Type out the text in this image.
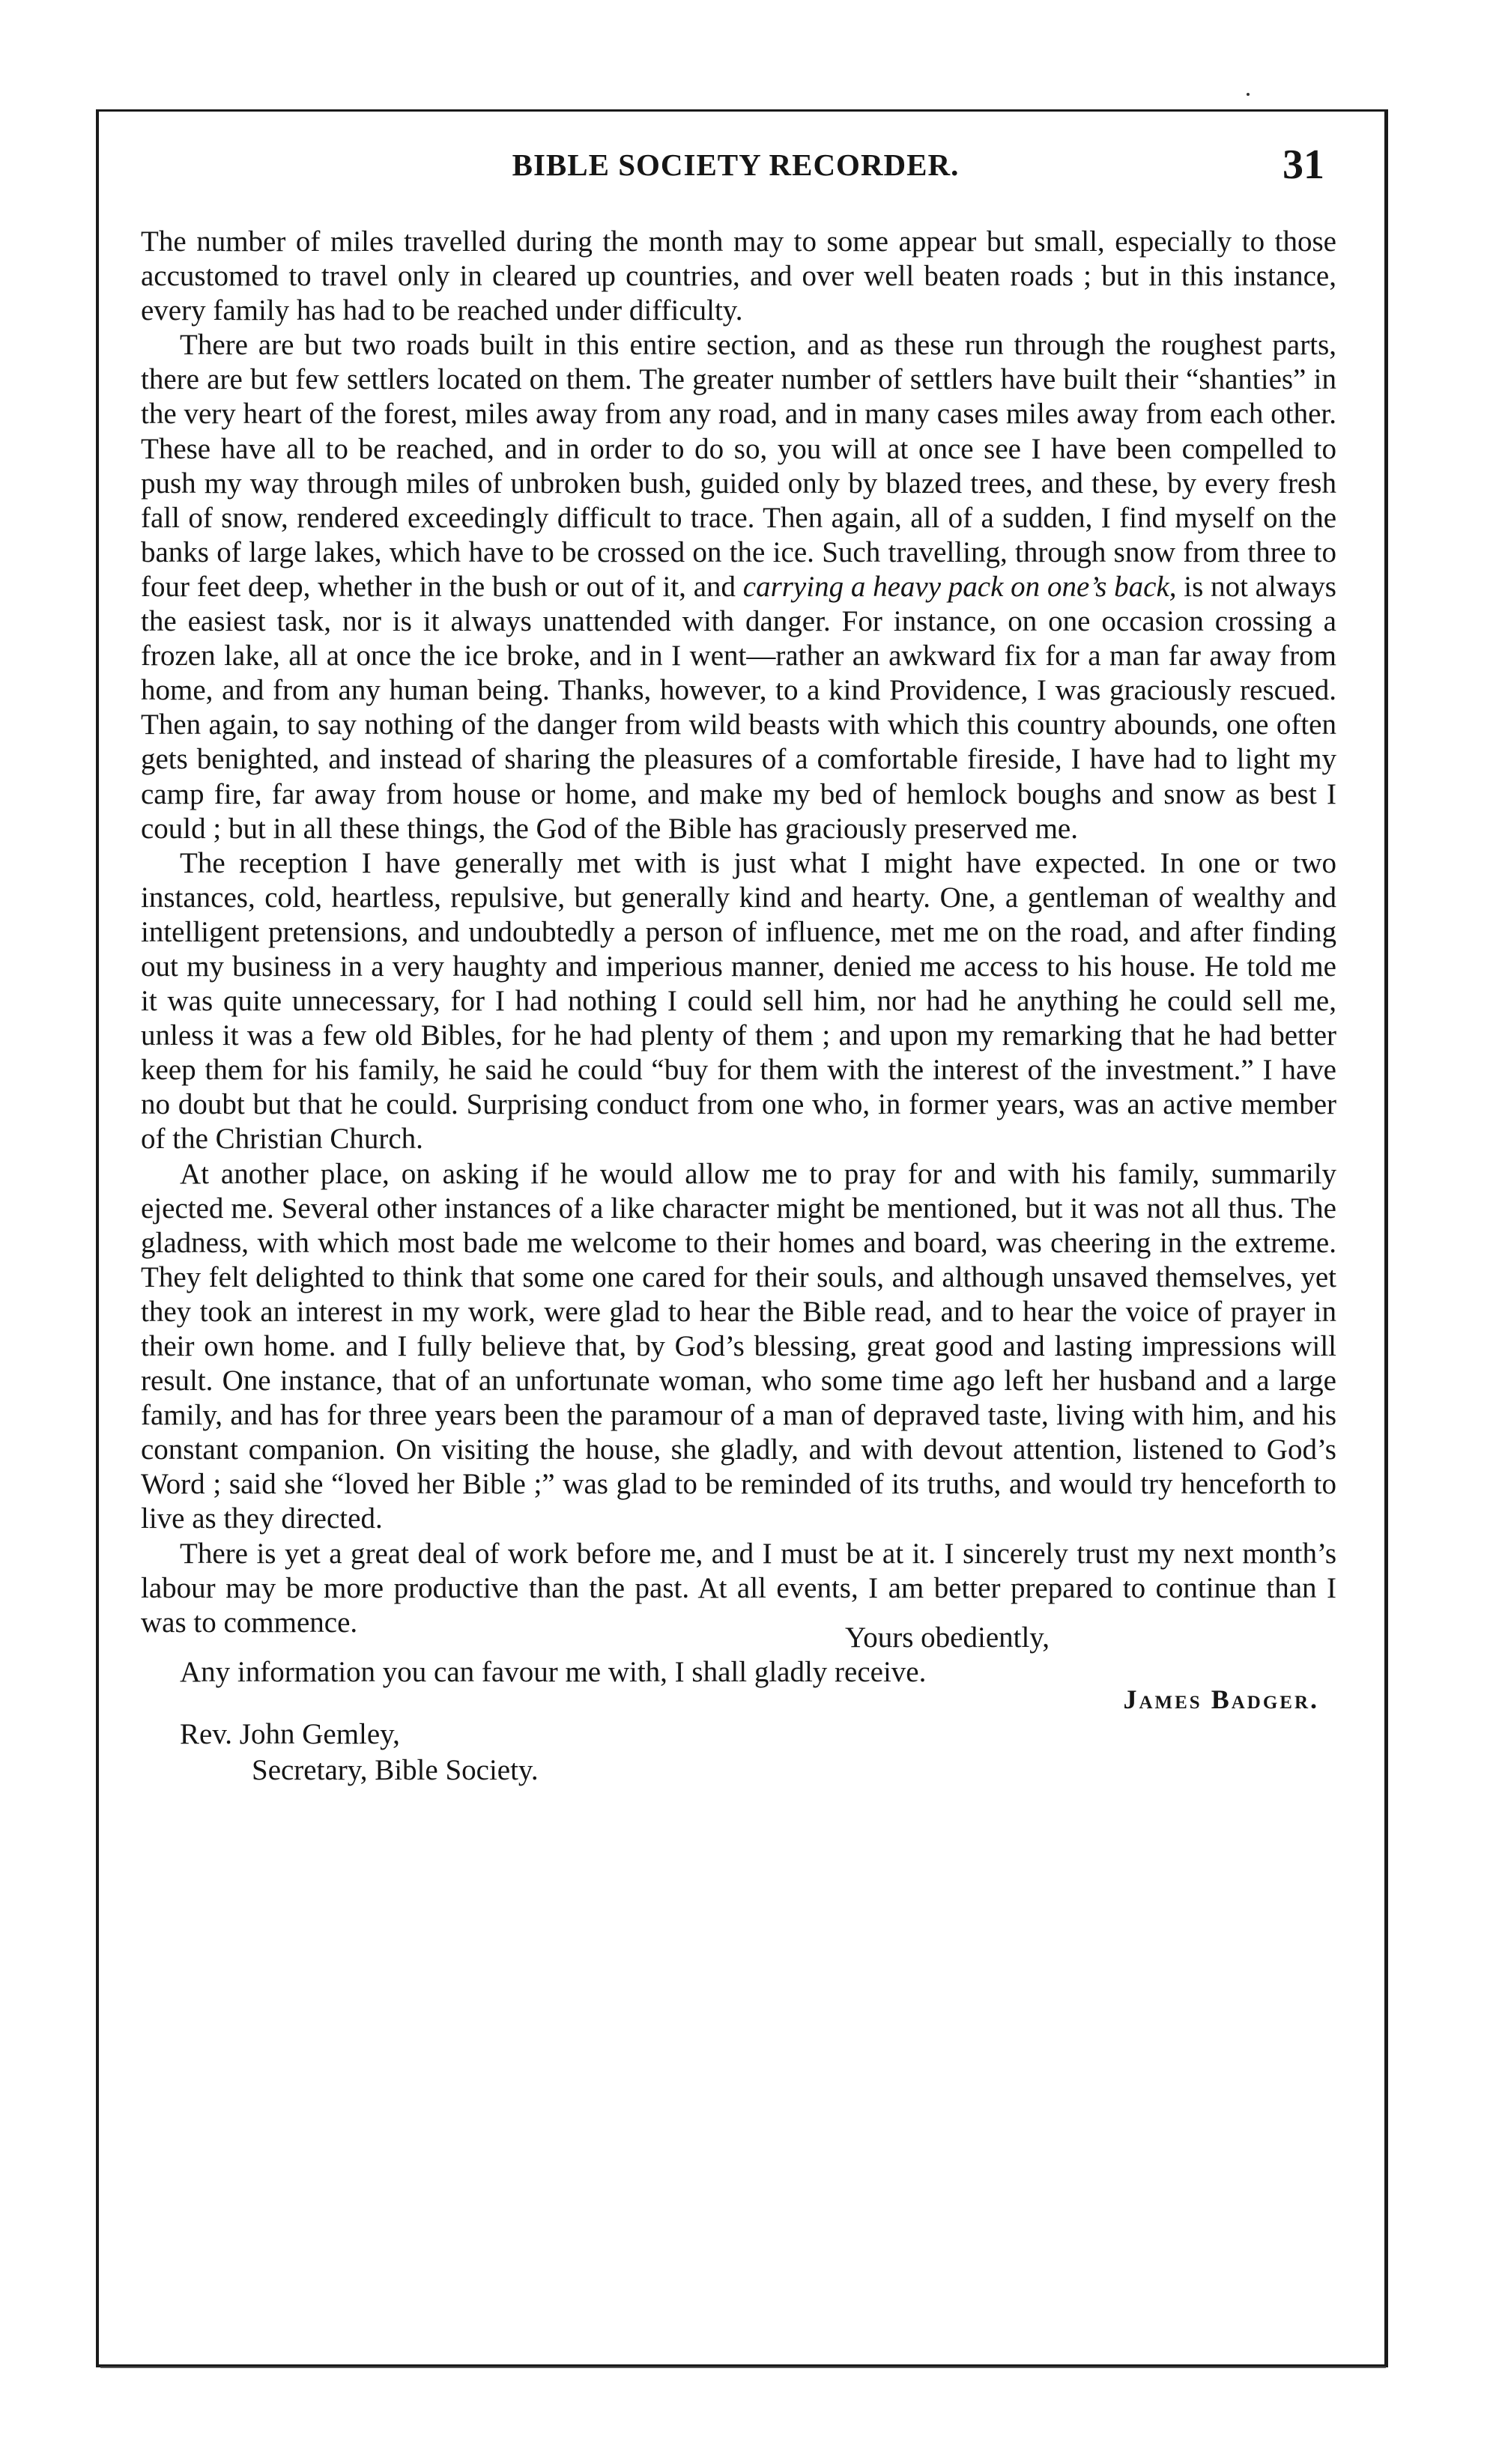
BIBLE SOCIETY RECORDER.	31

The number of miles travelled during the month may to some appear but small, especially to those accustomed to travel only in cleared up countries, and over well beaten roads ; but in this instance, every family has had to be reached under difficulty.

There are but two roads built in this entire section, and as these run through the roughest parts, there are but few settlers located on them. The greater number of settlers have built their “shanties” in the very heart of the forest, miles away from any road, and in many cases miles away from each other. These have all to be reached, and in order to do so, you will at once see I have been compelled to push my way through miles of unbroken bush, guided only by blazed trees, and these, by every fresh fall of snow, rendered exceedingly difficult to trace. Then again, all of a sudden, I find myself on the banks of large lakes, which have to be crossed on the ice. Such travelling, through snow from three to four feet deep, whether in the bush or out of it, and carrying a heavy pack on one’s back, is not always the easiest task, nor is it always unattended with danger. For instance, on one occasion crossing a frozen lake, all at once the ice broke, and in I went—rather an awkward fix for a man far away from home, and from any human being. Thanks, however, to a kind Providence, I was graciously rescued. Then again, to say nothing of the danger from wild beasts with which this country abounds, one often gets benighted, and instead of sharing the pleasures of a comfortable fireside, I have had to light my camp fire, far away from house or home, and make my bed of hemlock boughs and snow as best I could ; but in all these things, the God of the Bible has graciously preserved me.

The reception I have generally met with is just what I might have expected. In one or two instances, cold, heartless, repulsive, but generally kind and hearty. One, a gentleman of wealthy and intelligent pretensions, and undoubtedly a person of influence, met me on the road, and after finding out my business in a very haughty and imperious manner, denied me access to his house. He told me it was quite unnecessary, for I had nothing I could sell him, nor had he anything he could sell me, unless it was a few old Bibles, for he had plenty of them ; and upon my remarking that he had better keep them for his family, he said he could “buy for them with the interest of the investment.” I have no doubt but that he could. Surprising conduct from one who, in former years, was an active member of the Christian Church.

At another place, on asking if he would allow me to pray for and with his family, summarily ejected me. Several other instances of a like character might be mentioned, but it was not all thus. The gladness, with which most bade me welcome to their homes and board, was cheering in the extreme. They felt delighted to think that some one cared for their souls, and although unsaved themselves, yet they took an interest in my work, were glad to hear the Bible read, and to hear the voice of prayer in their own home. and I fully believe that, by God’s blessing, great good and lasting impressions will result. One instance, that of an unfortunate woman, who some time ago left her husband and a large family, and has for three years been the paramour of a man of depraved taste, living with him, and his constant companion. On visiting the house, she gladly, and with devout attention, listened to God’s Word ; said she “loved her Bible ;” was glad to be reminded of its truths, and would try henceforth to live as they directed.

There is yet a great deal of work before me, and I must be at it. I sincerely trust my next month’s labour may be more productive than the past. At all events, I am better prepared to continue than I was to commence.

Any information you can favour me with, I shall gladly receive.

Yours obediently,
James Badger.
Rev. John Gemley,
Secretary, Bible Society.
